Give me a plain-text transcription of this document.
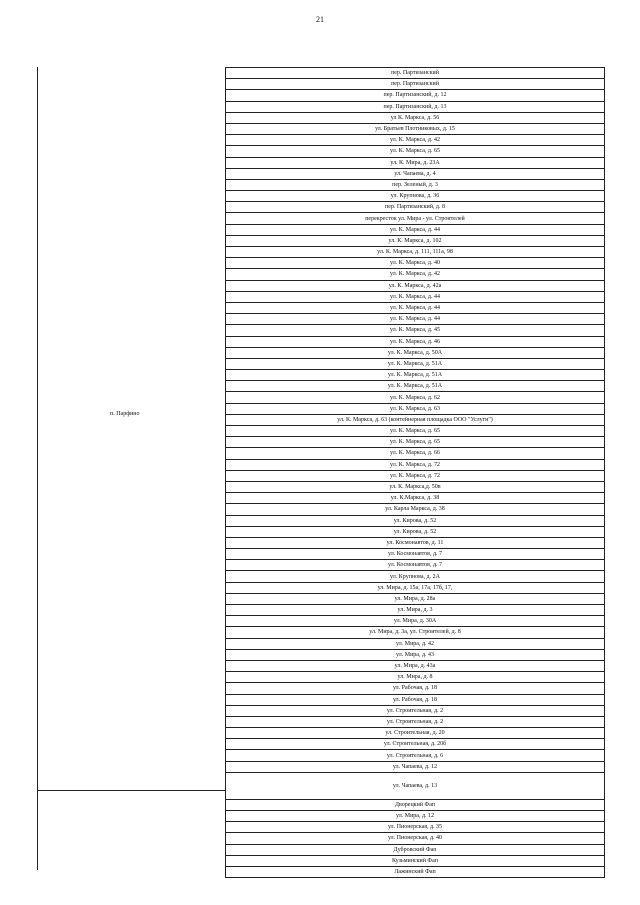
21
п. Парфино
пер. Партизанский
пер. Партизанский
пер. Партизанский, д. 12
пер. Партизанский, д. 13
ул К. Маркса, д. 56
ул. Братьев Плотниковых, д. 15
ул. К. Маркса, д. 42
ул. К. Маркса, д. 65
ул. К. Мира, д. 23А
ул. Чапаева, д. 4
пер. Зеленый, д. 3
ул. Крупнова, д. 36
пер. Партизанский, д. 8
перекресток ул. Мира - ул. Строителей
ул. К. Маркса, д. 44
ул. К. Маркса, д. 102
ул. К. Маркса, д. 111, 111а, 98
ул. К. Маркса, д. 40
ул. К. Маркса, д. 42
ул. К. Маркса, д. 42а
ул. К. Маркса, д. 44
ул. К. Маркса, д. 44
ул. К. Маркса, д. 44
ул. К. Маркса, д. 45
ул. К. Маркса, д. 46
ул. К. Маркса, д. 50А
ул. К. Маркса, д. 51А
ул. К. Маркса, д. 51А
ул. К. Маркса, д. 51А
ул. К. Маркса, д. 62
ул. К. Маркса, д. 63
ул. К. Маркса, д. 63 (контейнерная площадка ООО "Услуги")
ул. К. Маркса, д. 65
ул. К. Маркса, д. 65
ул. К. Маркса, д. 66
ул. К. Маркса, д. 72
ул. К. Маркса, д. 72
ул. К. Маркса,д. 50в
ул. К.Маркса, д. 38
ул. Карла Маркса, д. 38
ул. Кирова, д. 52
ул. Кирова, д. 52
ул. Космонавтов, д. 11
ул. Космонавтов, д. 7
ул. Космонавтов, д. 7
ул. Крупнова, д. 2А
ул. Мира, д. 15а, 17а, 17б, 17,
ул. Мира, д. 28а
ул. Мира, д. 3
ул. Мира, д. 30А
ул. Мира, д. 3а, ул. Строителей, д. 8
ул. Мира, д. 42
ул. Мира, д. 43
ул. Мира, д. 43а
ул. Мира, д. 8
ул. Рабочая, д. 18
ул. Рабочая, д. 18
ул. Строительная, д. 2
ул. Строительная, д. 2
ул. Строительная, д. 20
ул. Строительная, д. 20б
ул. Строительная, д. 6
ул. Чапаева, д. 12
ул. Чапаева, д. 13
Дворецкий Фап
ул. Мира, д. 12
ул. Пионерская, д. 35
ул. Пионерская, д. 40
Дубровский Фап
Кузьминский Фап
Лажинский Фап
